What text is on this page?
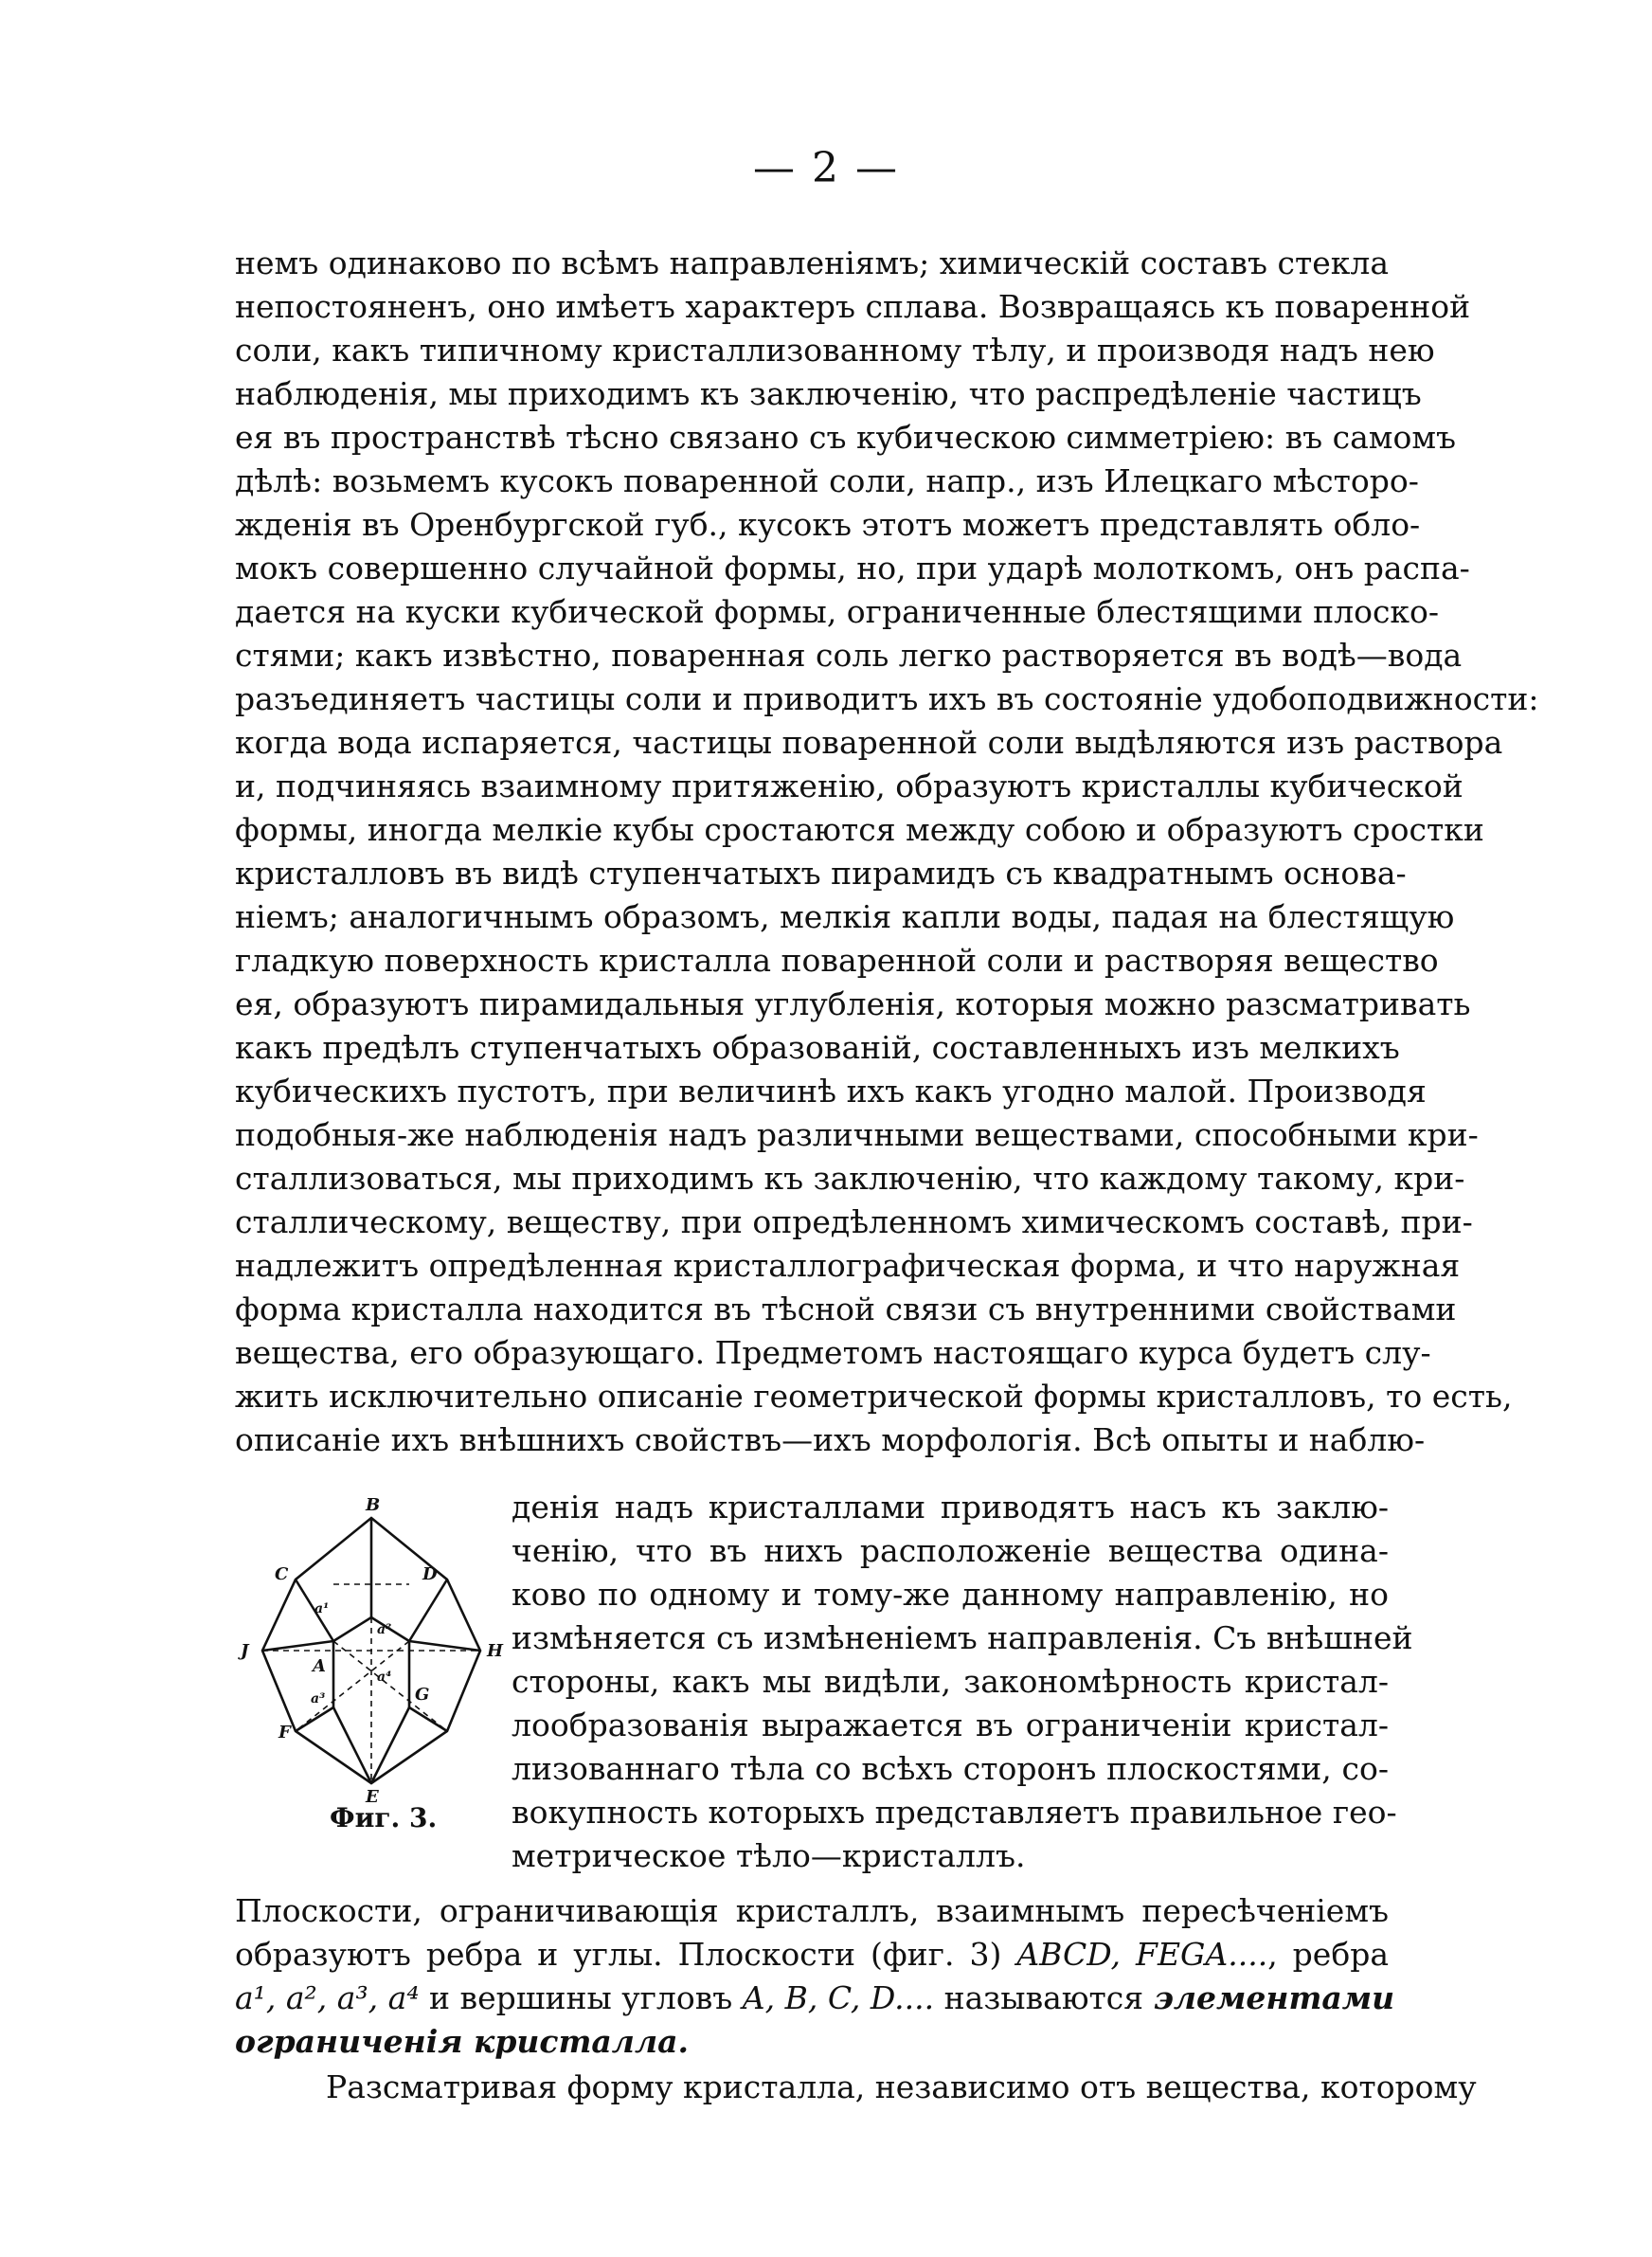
— 2 —
немъ одинаково по всѣмъ направленіямъ; химическій составъ стекла
непостояненъ, оно имѣетъ характеръ сплава. Возвращаясь къ поваренной
соли, какъ типичному кристаллизованному тѣлу, и производя надъ нею
наблюденія, мы приходимъ къ заключенію, что распредѣленіе частицъ
ея въ пространствѣ тѣсно связано съ кубическою симметріею: въ самомъ
дѣлѣ: возьмемъ кусокъ поваренной соли, напр., изъ Илецкаго мѣсторо-
жденія въ Оренбургской губ., кусокъ этотъ можетъ представлять обло-
мокъ совершенно случайной формы, но, при ударѣ молоткомъ, онъ распа-
дается на куски кубической формы, ограниченные блестящими плоско-
стями; какъ извѣстно, поваренная соль легко растворяется въ водѣ—вода
разъединяетъ частицы соли и приводитъ ихъ въ состояніе удобоподвижности:
когда вода испаряется, частицы поваренной соли выдѣляются изъ раствора
и, подчиняясь взаимному притяженію, образуютъ кристаллы кубической
формы, иногда мелкіе кубы сростаются между собою и образуютъ сростки
кристалловъ въ видѣ ступенчатыхъ пирамидъ съ квадратнымъ основа-
ніемъ; аналогичнымъ образомъ, мелкія капли воды, падая на блестящую
гладкую поверхность кристалла поваренной соли и растворяя вещество
ея, образуютъ пирамидальныя углубленія, которыя можно разсматривать
какъ предѣлъ ступенчатыхъ образованій, составленныхъ изъ мелкихъ
кубическихъ пустотъ, при величинѣ ихъ какъ угодно малой. Производя
подобныя-же наблюденія надъ различными веществами, способными кри-
сталлизоваться, мы приходимъ къ заключенію, что каждому такому, кри-
сталлическому, веществу, при опредѣленномъ химическомъ составѣ, при-
надлежитъ опредѣленная кристаллографическая форма, и что наружная
форма кристалла находится въ тѣсной связи съ внутренними свойствами
вещества, его образующаго. Предметомъ настоящаго курса будетъ слу-
жить исключительно описаніе геометрической формы кристалловъ, то есть,
описаніе ихъ внѣшнихъ свойствъ—ихъ морфологія. Всѣ опыты и наблю-
B
C	D
J	H
A
F
E
G
a¹
a²
a³
a⁴
Фиг. 3.
денія надъ кристаллами приводятъ насъ къ заклю-
ченію, что въ нихъ расположеніе вещества одина-
ково по одному и тому-же данному направленію, но
измѣняется съ измѣненіемъ направленія. Съ внѣшней
стороны, какъ мы видѣли, закономѣрность кристал-
лообразованія выражается въ ограниченіи кристал-
лизованнаго тѣла со всѣхъ сторонъ плоскостями, со-
вокупность которыхъ представляетъ правильное гео-
метрическое тѣло—кристаллъ.
Плоскости, ограничивающія кристаллъ, взаимнымъ пересѣченіемъ
образуютъ ребра и углы. Плоскости (фиг. 3) ABCD, FEGA...., ребра
a¹, a², a³, a⁴ и вершины угловъ A, B, C, D.... называются элементами
ограниченія кристалла.
Разсматривая форму кристалла, независимо отъ вещества, которому
